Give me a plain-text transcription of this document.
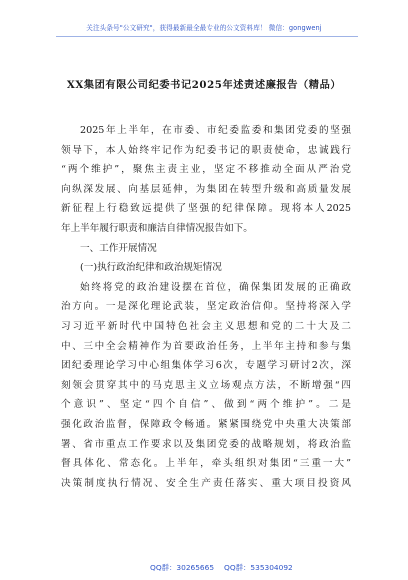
关注头条号"公文研究"，获得最新最全最专业的公文资料库！ 微信：gongwenj
XX集团有限公司纪委书记2025年述责述廉报告（精品）
2025年上半年，在市委、市纪委监委和集团党委的坚强
领导下，本人始终牢记作为纪委书记的职责使命，忠诚践行
“两个维护”，聚焦主责主业，坚定不移推动全面从严治党
向纵深发展、向基层延伸，为集团在转型升级和高质量发展
新征程上行稳致远提供了坚强的纪律保障。现将本人2025
年上半年履行职责和廉洁自律情况报告如下。
一、工作开展情况
(一)执行政治纪律和政治规矩情况
始终将党的政治建设摆在首位，确保集团发展的正确政
治方向。一是深化理论武装，坚定政治信仰。坚持将深入学
习习近平新时代中国特色社会主义思想和党的二十大及二
中、三中全会精神作为首要政治任务，上半年主持和参与集
团纪委理论学习中心组集体学习6次，专题学习研讨2次，深
刻领会贯穿其中的马克思主义立场观点方法，不断增强“四
个意识”、坚定“四个自信”、做到“两个维护”。二是
强化政治监督，保障政令畅通。紧紧围绕党中央重大决策部
署、省市重点工作要求以及集团党委的战略规划，将政治监
督具体化、常态化。上半年，牵头组织对集团“三重一大”
决策制度执行情况、安全生产责任落实、重大项目投资风
QQ群：30265665 QQ群：535304092
